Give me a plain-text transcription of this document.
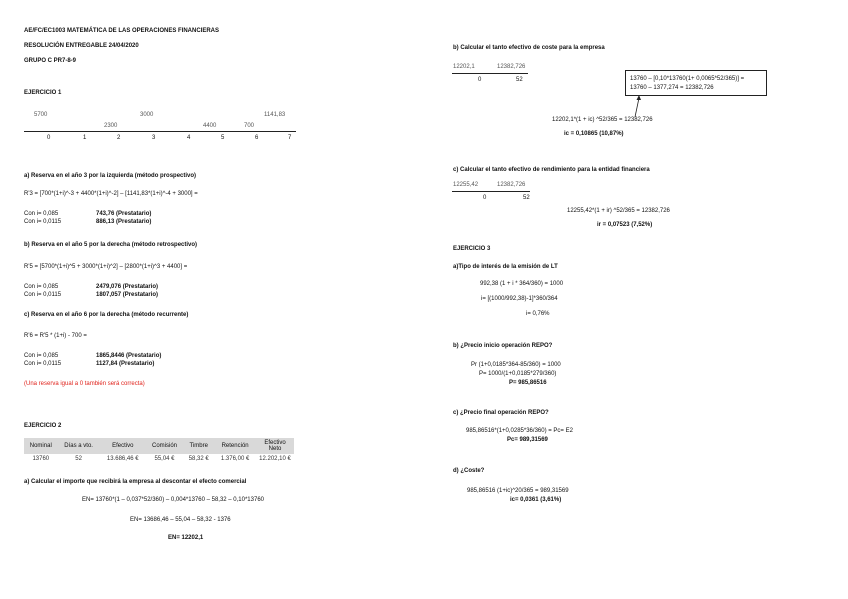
AE/FC/EC1003 MATEMÁTICA DE LAS OPERACIONES FINANCIERAS
RESOLUCIÓN ENTREGABLE 24/04/2020
GRUPO C PR7-8-9
EJERCICIO 1
5700	3000	1141,83
2300	4400	700
0	1	2	3	4	5	6	7
a) Reserva en el año 3 por la izquierda (método prospectivo)
R'3 = [700*(1+i)^-3 + 4400*(1+i)^-2] – [1141,83*(1+i)^-4 + 3000] =
Con i= 0,085	743,76 (Prestatario)
Con i= 0,0115	886,13 (Prestatario)
b) Reserva en el año 5 por la derecha (método retrospectivo)
R'5 = [5700*(1+i)^5 + 3000*(1+i)^2] – [2800*(1+i)^3 + 4400] =
Con i= 0,085	2479,076 (Prestatario)
Con i= 0,0115	1807,057 (Prestatario)
c) Reserva en el año 6 por la derecha (método recurrente)
R'6 = R'5 * (1+i) - 700 =
Con i= 0,085	1865,8446 (Prestatario)
Con i= 0,0115	1127,84 (Prestatario)
(Una reserva igual a 0 también será correcta)
EJERCICIO 2
Nominal	Días a vto.	Efectivo	Comisión	Timbre	Retención	Efectivo Neto
13760	52	13.686,46 €	55,04 €	58,32 €	1.376,00 €	12.202,10 €
a) Calcular el importe que recibirá la empresa al descontar el efecto comercial
EN= 13760*(1 – 0,037*52/360) – 0,004*13760 – 58,32 – 0,10*13760
EN= 13686,46 – 55,04 – 58,32 - 1376
EN= 12202,1
b) Calcular el tanto efectivo de coste para la empresa
12202,1	12382,726
0	52	13760 – [0,10*13760(1+ 0,0065*52/365)] =
13760 – 1377,274 = 12382,726
12202,1*(1 + ic) ^52/365 = 12382,726
ic = 0,10865 (10,87%)
c) Calcular el tanto efectivo de rendimiento para la entidad financiera
12255,42	12382,726
0	52
12255,42*(1 + ir) ^52/365 = 12382,726
ir = 0,07523 (7,52%)
EJERCICIO 3
a)Tipo de interés de la emisión de LT
992,38 (1 + i * 364/360) = 1000
i= [(1000/992,38)-1]*360/364
i= 0,76%
b) ¿Precio inicio operación REPO?
Pr (1+0,0185*364-85/360) = 1000
P= 1000/(1+0,0185*279/360)
P= 985,86516
c) ¿Precio final operación REPO?
985,86516*(1+0,0285*36/360) = Pc= E2
Pc= 989,31569
d) ¿Coste?
985,86516 (1+ic)^20/365 = 989,31569
ic= 0,0361 (3,61%)
